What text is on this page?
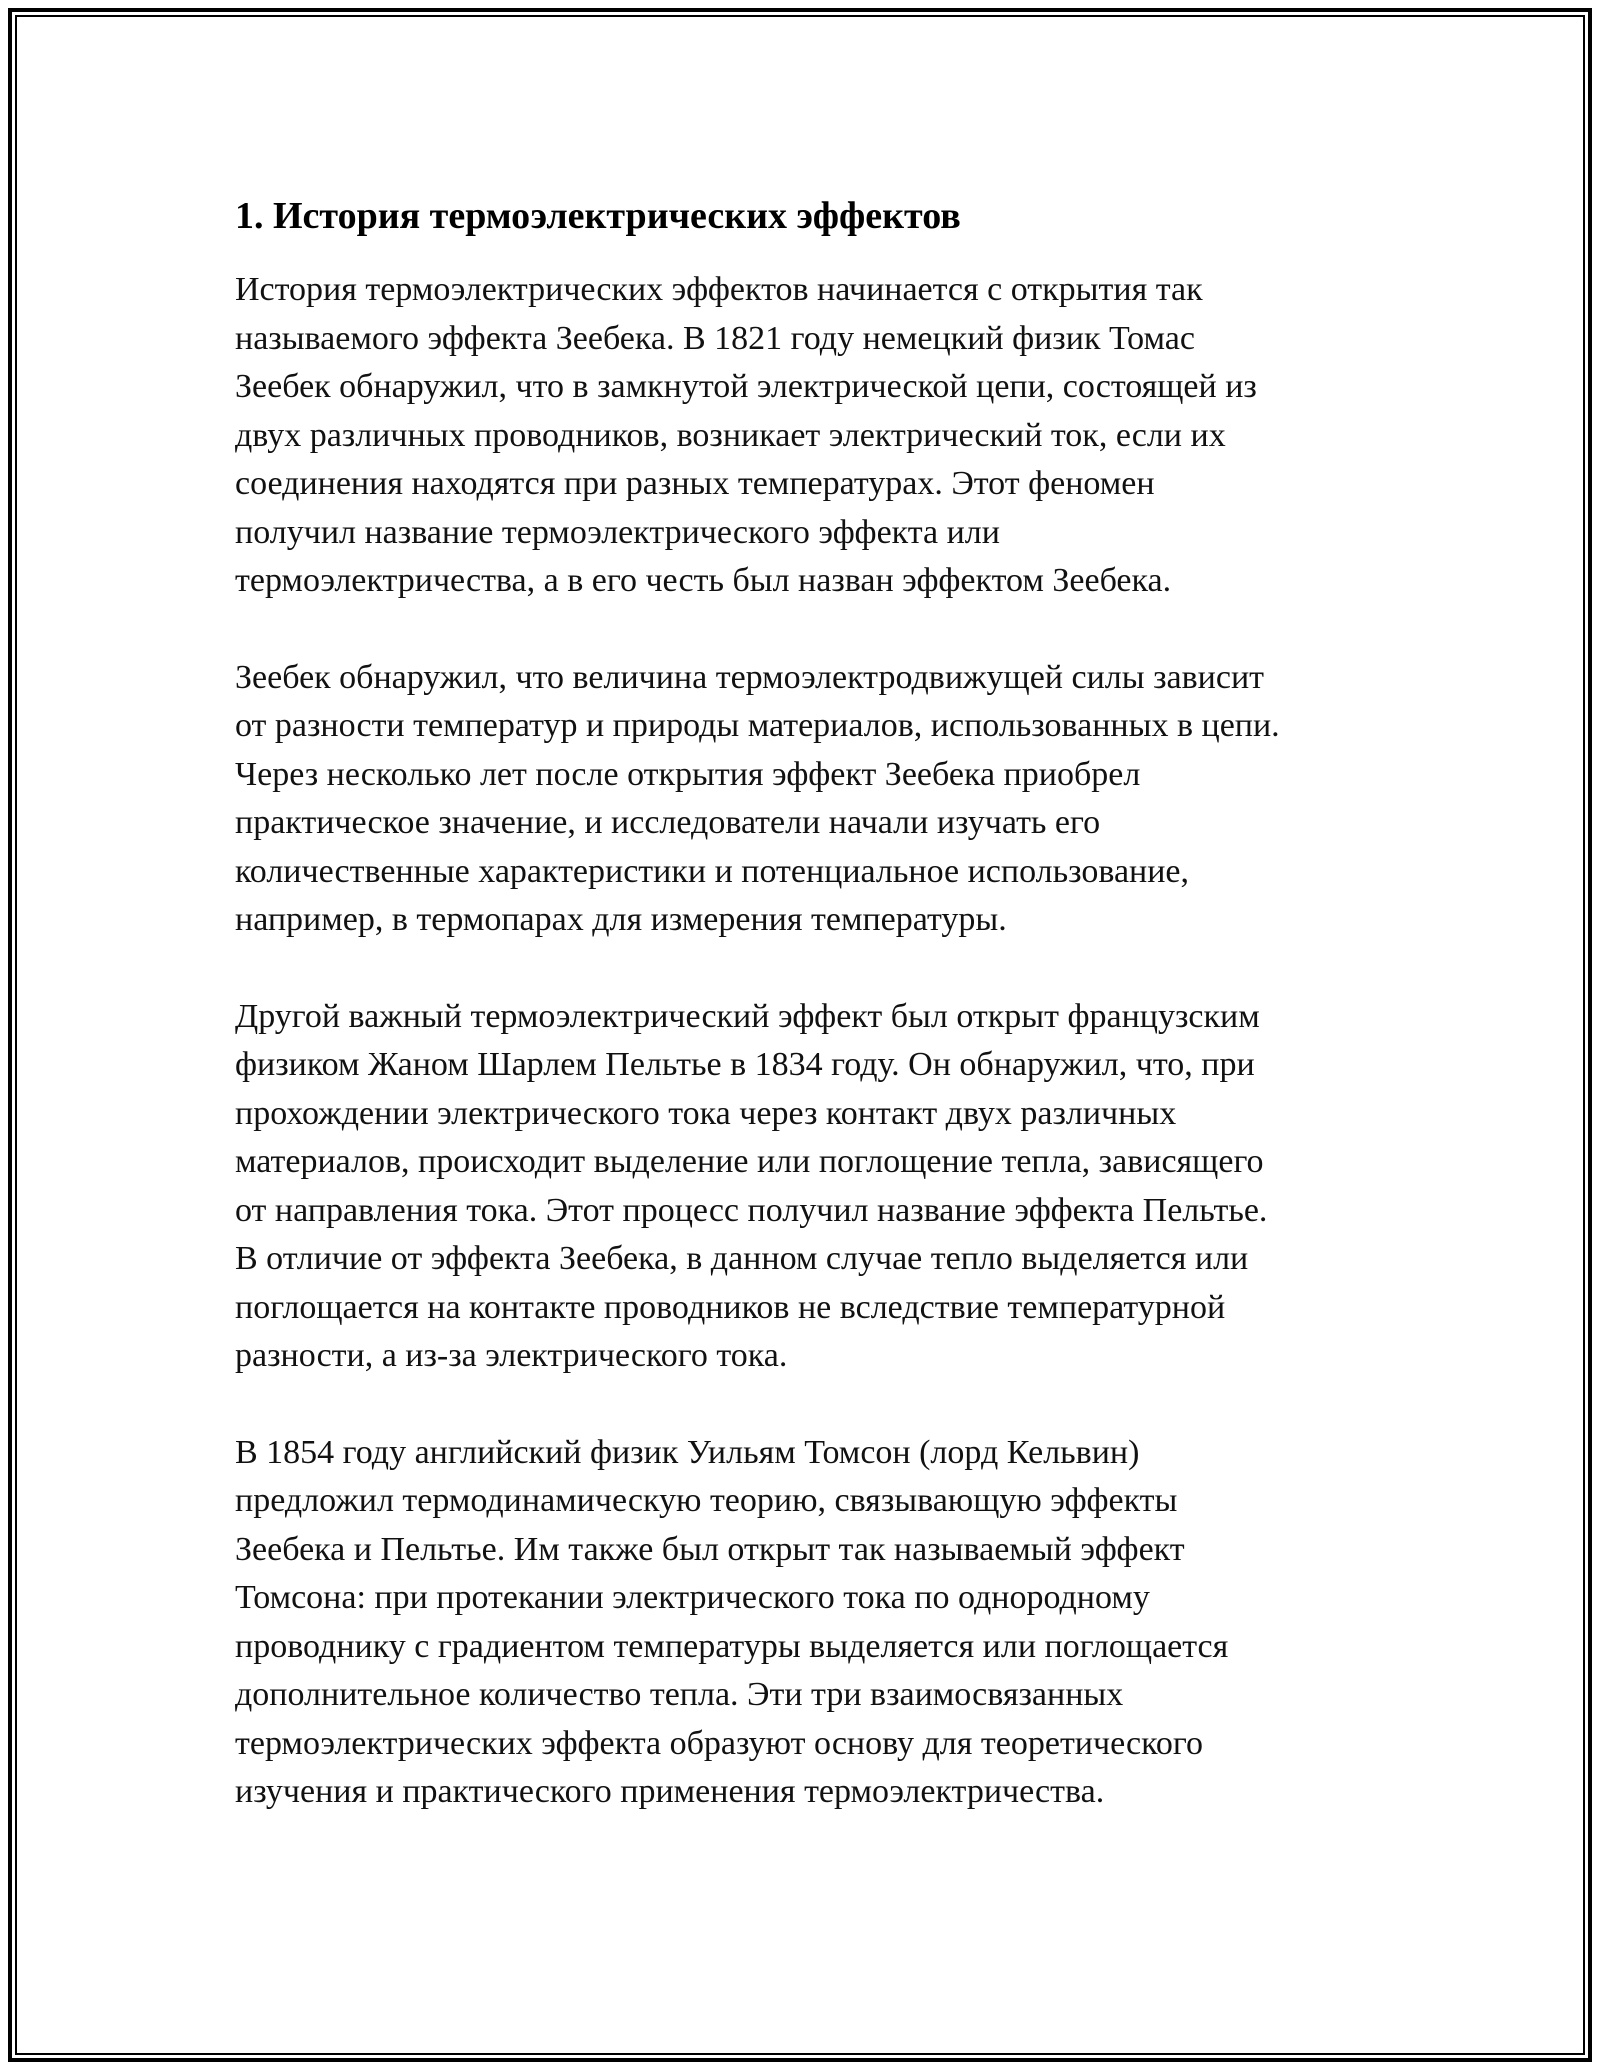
1. История термоэлектрических эффектов

История термоэлектрических эффектов начинается с открытия так
называемого эффекта Зеебека. В 1821 году немецкий физик Томас
Зеебек обнаружил, что в замкнутой электрической цепи, состоящей из
двух различных проводников, возникает электрический ток, если их
соединения находятся при разных температурах. Этот феномен
получил название термоэлектрического эффекта или
термоэлектричества, а в его честь был назван эффектом Зеебека.

Зеебек обнаружил, что величина термоэлектродвижущей силы зависит
от разности температур и природы материалов, использованных в цепи.
Через несколько лет после открытия эффект Зеебека приобрел
практическое значение, и исследователи начали изучать его
количественные характеристики и потенциальное использование,
например, в термопарах для измерения температуры.

Другой важный термоэлектрический эффект был открыт французским
физиком Жаном Шарлем Пельтье в 1834 году. Он обнаружил, что, при
прохождении электрического тока через контакт двух различных
материалов, происходит выделение или поглощение тепла, зависящего
от направления тока. Этот процесс получил название эффекта Пельтье.
В отличие от эффекта Зеебека, в данном случае тепло выделяется или
поглощается на контакте проводников не вследствие температурной
разности, а из-за электрического тока.

В 1854 году английский физик Уильям Томсон (лорд Кельвин)
предложил термодинамическую теорию, связывающую эффекты
Зеебека и Пельтье. Им также был открыт так называемый эффект
Томсона: при протекании электрического тока по однородному
проводнику с градиентом температуры выделяется или поглощается
дополнительное количество тепла. Эти три взаимосвязанных
термоэлектрических эффекта образуют основу для теоретического
изучения и практического применения термоэлектричества.
